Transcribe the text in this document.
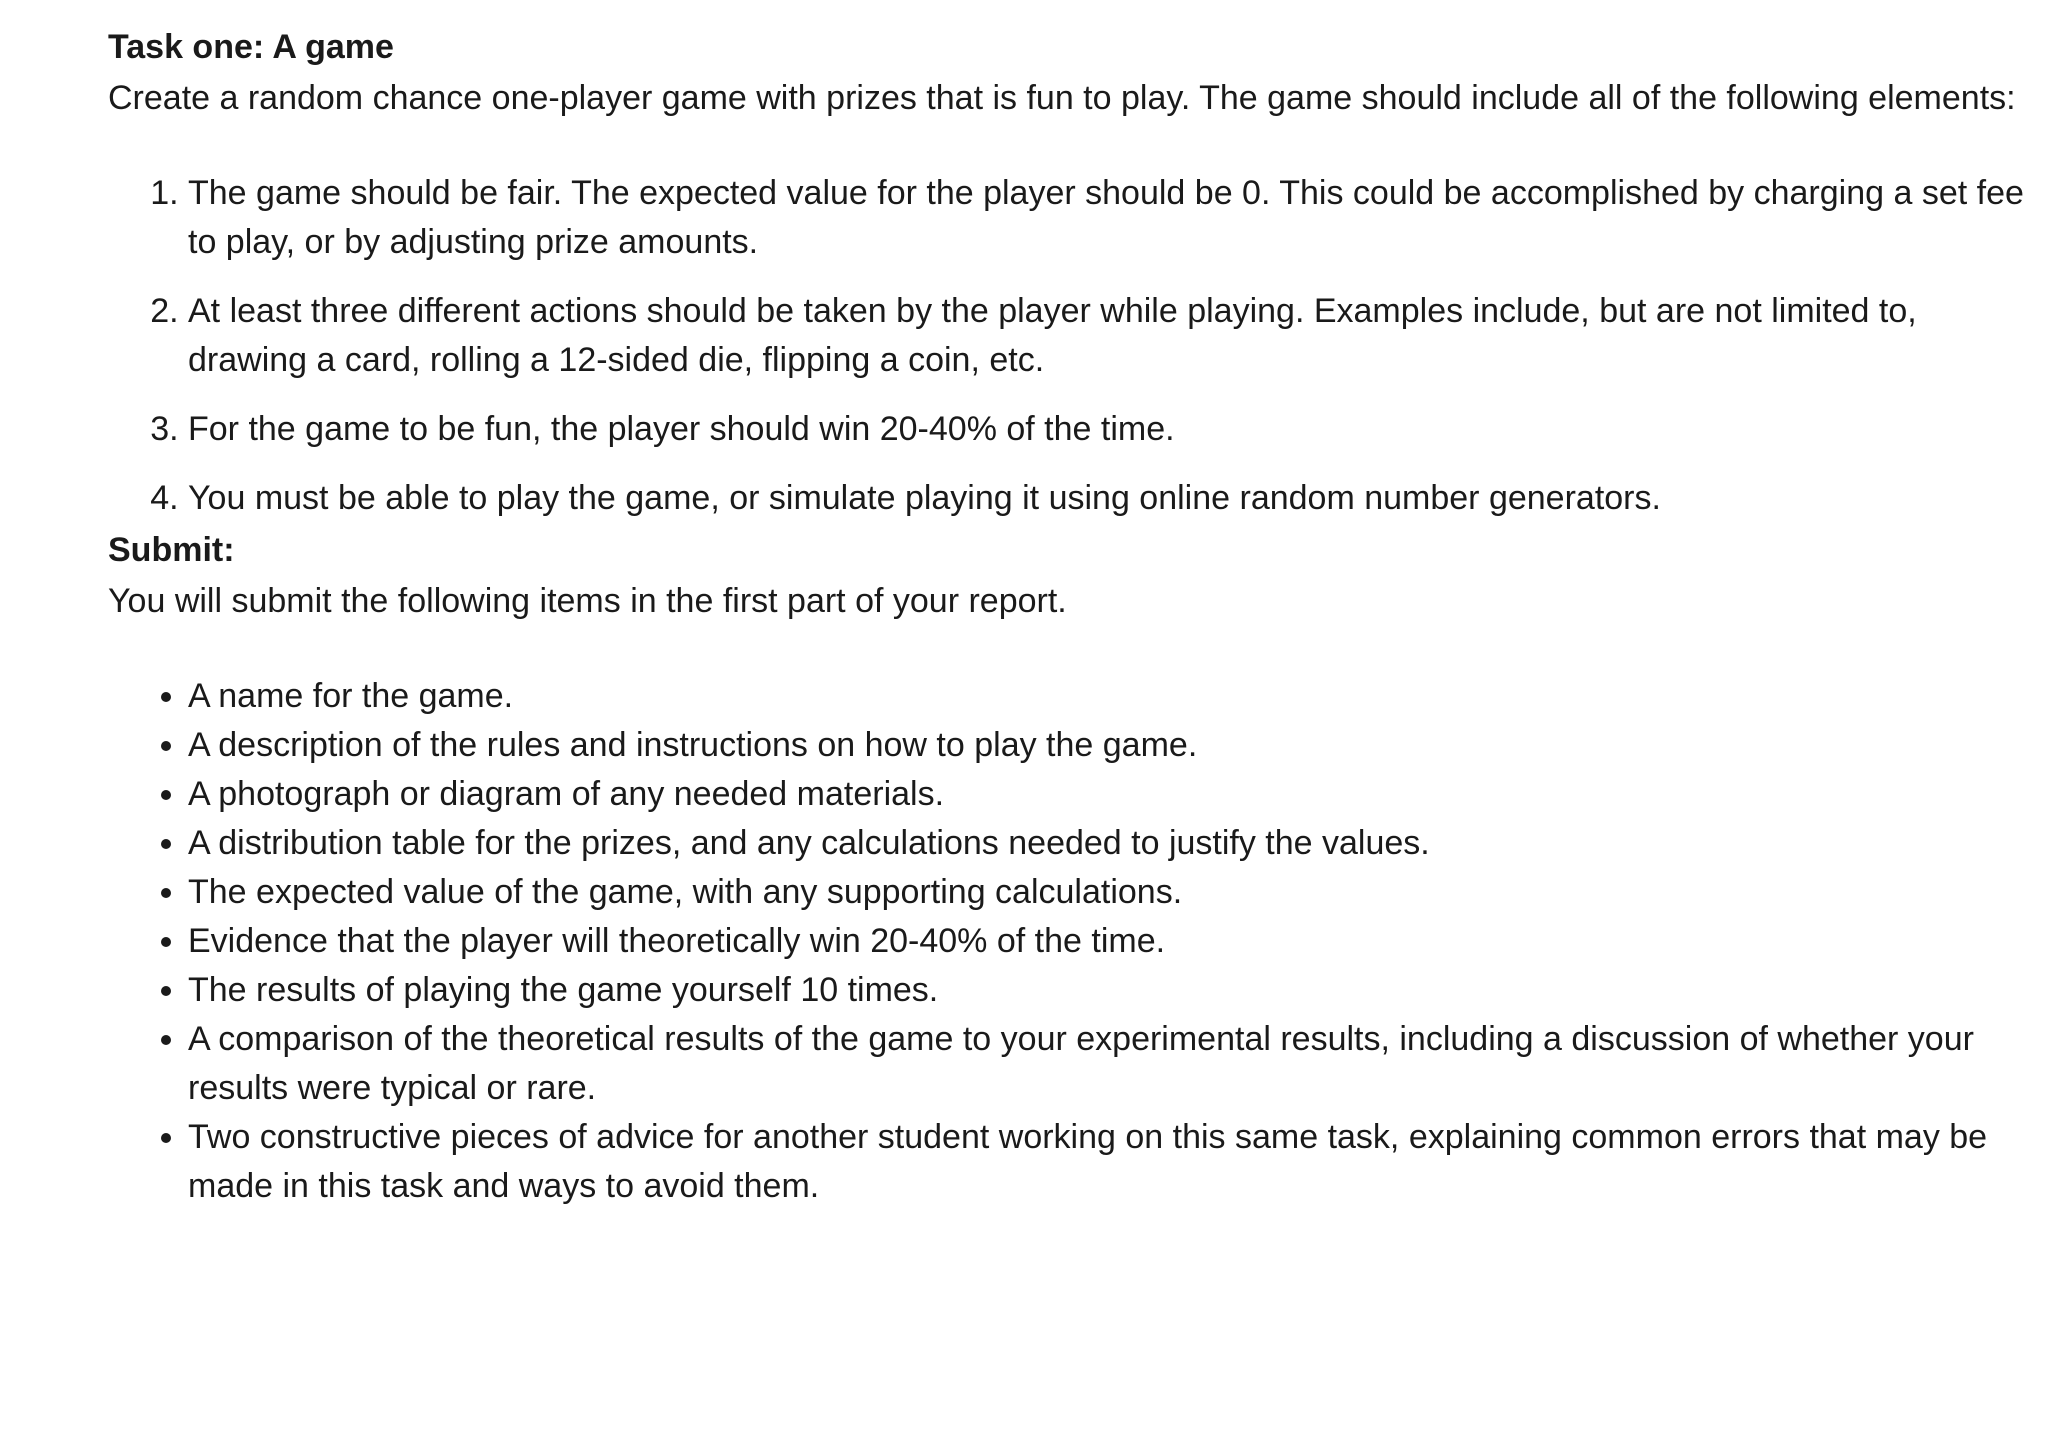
Task one: A game

Create a random chance one-player game with prizes that is fun to play. The game should include all of the following elements:

1. The game should be fair. The expected value for the player should be 0. This could be accomplished by charging a set fee to play, or by adjusting prize amounts.
2. At least three different actions should be taken by the player while playing. Examples include, but are not limited to, drawing a card, rolling a 12-sided die, flipping a coin, etc.
3. For the game to be fun, the player should win 20-40% of the time.
4. You must be able to play the game, or simulate playing it using online random number generators.
Submit:

You will submit the following items in the first part of your report.

• A name for the game.
• A description of the rules and instructions on how to play the game.
• A photograph or diagram of any needed materials.
• A distribution table for the prizes, and any calculations needed to justify the values.
• The expected value of the game, with any supporting calculations.
• Evidence that the player will theoretically win 20-40% of the time.
• The results of playing the game yourself 10 times.
• A comparison of the theoretical results of the game to your experimental results, including a discussion of whether your results were typical or rare.
• Two constructive pieces of advice for another student working on this same task, explaining common errors that may be made in this task and ways to avoid them.
